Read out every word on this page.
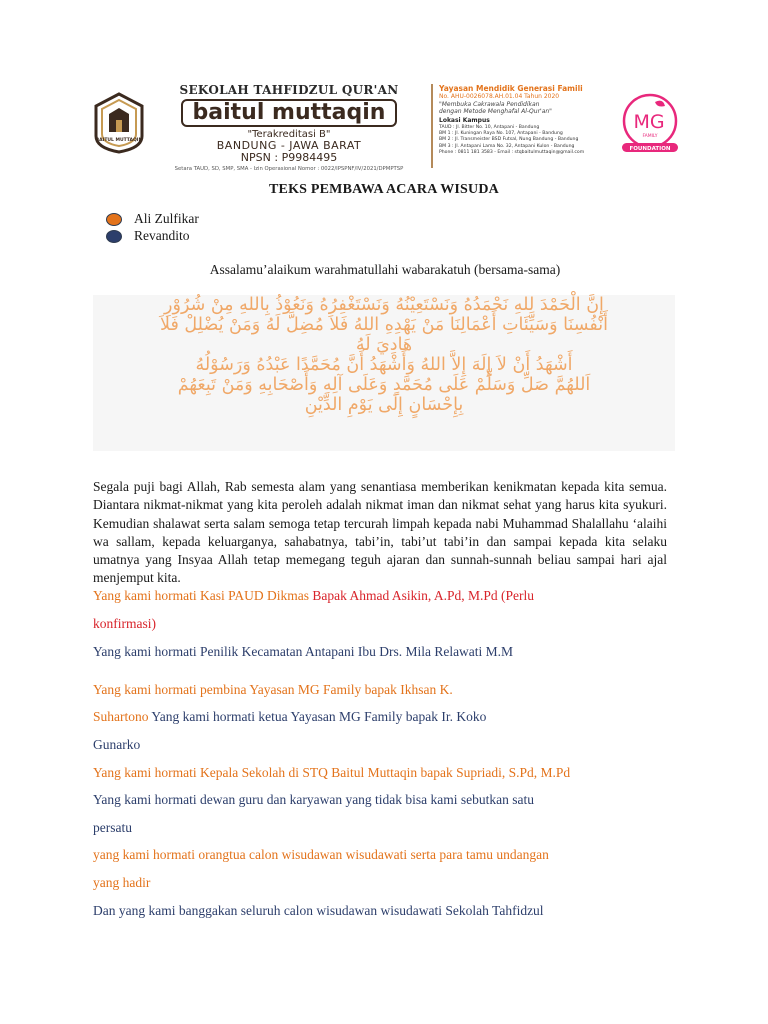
BAITUL MUTTAQIN
SEKOLAH TAHFIDZUL QUR'AN
baitul muttaqin
"Terakreditasi B"
BANDUNG - JAWA BARAT
NPSN : P9984495
Setara TAUD, SD, SMP, SMA - Izin Operasional Nomor : 0022/IPSPNF/IV/2021/DPMPTSP
Yayasan Mendidik Generasi Famili
No. AHU-0026078.AH.01.04 Tahun 2020
"Membuka Cakrawala Pendidikan
dengan Metode Menghafal Al-Qur'an"
Lokasi Kampus
TAUD : Jl. Bitter No. 10, Antapani - Bandung
BM 1 : Jl. Kuningan Raya No. 107, Antapani - Bandung
BM 2 : Jl. Transmeister BSD Futsal, Nung Bandung - Bandung
BM 3 : Jl. Antapani Lama No. 32, Antapani Kulon - Bandung
Phone : 0811 181 3583 - Email : stqbaitulmuttaqin@gmail.com
MG
FAMILY
FOUNDATION
TEKS PEMBAWA ACARA WISUDA
Ali Zulfikar
Revandito
Assalamu’alaikum warahmatullahi wabarakatuh (bersama-sama)
إِنَّ الْحَمْدَ لِلهِ نَحْمَدُهُ وَنَسْتَعِيْنُهُ وَنَسْتَغْفِرُهُ وَنَعُوْذُ بِاللهِ مِنْ شُرُوْرِ
أَنْفُسِنَا وَسَيِّئَاتِ أَعْمَالِنَا مَنْ يَهْدِهِ اللهُ فَلاَ مُضِلَّ لَهُ وَمَنْ يُضْلِلْ فَلاَ
هَادِيَ لَهُ
أَشْهَدُ أَنْ لاَ إِلَهَ إِلاَّ اللهُ وَأَشْهَدُ أَنَّ مُحَمَّدًا عَبْدُهُ وَرَسُوْلُهُ
اَللهُمَّ صَلِّ وَسَلِّمْ عَلَى مُحَمَّدٍ وَعَلَى آلِهِ وَأَصْحَابِهِ وَمَنْ تَبِعَهُمْ
بِإِحْسَانٍ إِلَى يَوْمِ الدِّيْنِ
Segala puji bagi Allah, Rab semesta alam yang senantiasa memberikan kenikmatan kepada kita semua. Diantara nikmat-nikmat yang kita peroleh adalah nikmat iman dan nikmat sehat yang harus kita syukuri. Kemudian shalawat serta salam semoga tetap tercurah limpah kepada nabi Muhammad Shalallahu ‘alaihi wa sallam, kepada keluarganya, sahabatnya, tabi’in, tabi’ut tabi’in dan sampai kepada kita selaku umatnya yang Insyaa Allah tetap memegang teguh ajaran dan sunnah-sunnah beliau sampai hari ajal menjemput kita.
Yang kami hormati Kasi PAUD Dikmas Bapak Ahmad Asikin, A.Pd, M.Pd (Perlu
konfirmasi)
Yang kami hormati Penilik Kecamatan Antapani Ibu Drs. Mila Relawati M.M
Yang kami hormati pembina Yayasan MG Family bapak Ikhsan K.
Suhartono Yang kami hormati ketua Yayasan MG Family bapak Ir. Koko
Gunarko
Yang kami hormati Kepala Sekolah di STQ Baitul Muttaqin bapak Supriadi, S.Pd, M.Pd
Yang kami hormati dewan guru dan karyawan yang tidak bisa kami sebutkan satu
persatu
yang kami hormati orangtua calon wisudawan wisudawati serta para tamu undangan
yang hadir
Dan yang kami banggakan seluruh calon wisudawan wisudawati Sekolah Tahfidzul
